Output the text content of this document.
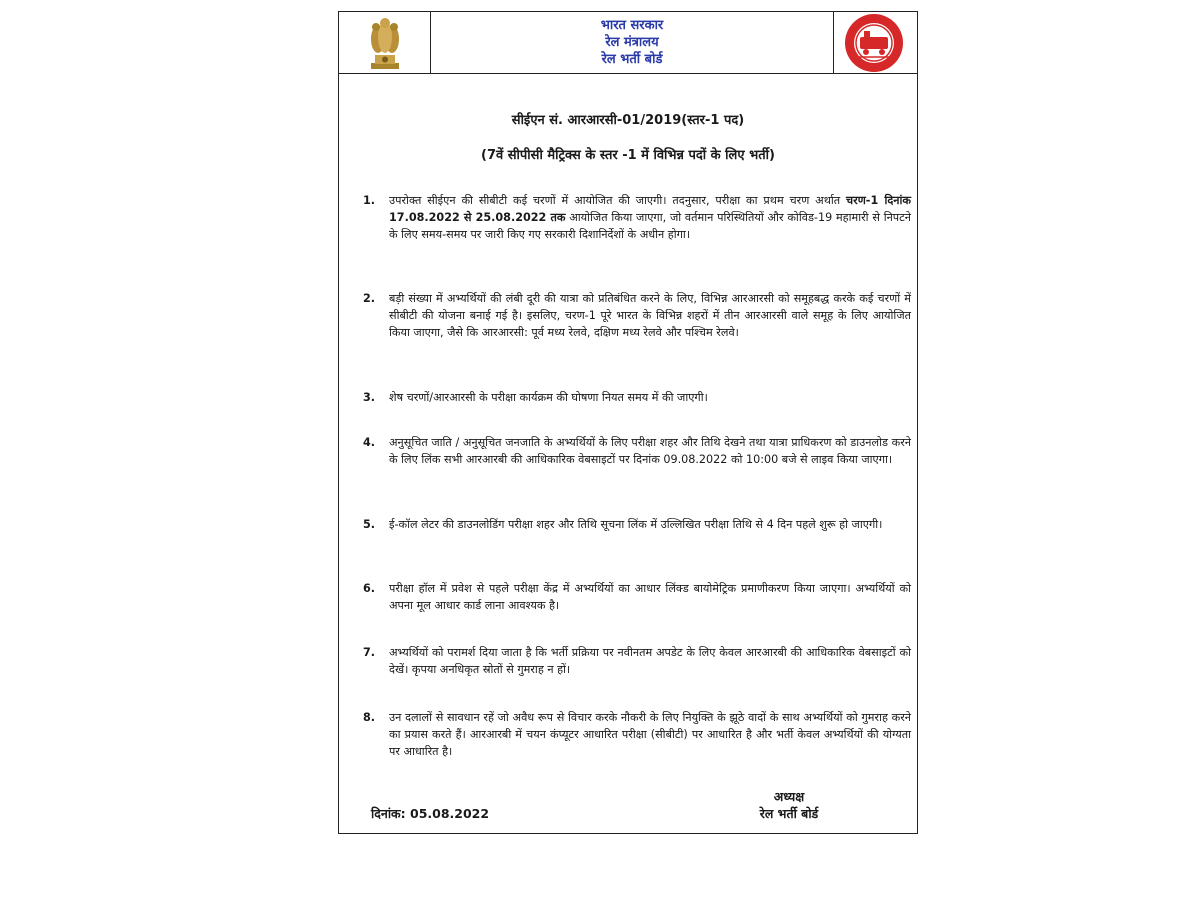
भारत सरकार
रेल मंत्रालय
रेल भर्ती बोर्ड
सीईएन सं. आरआरसी-01/2019(स्तर-1 पद)
(7वें सीपीसी मैट्रिक्स के स्तर -1 में विभिन्न पदों के लिए भर्ती)
1. उपरोक्त सीईएन की सीबीटी कई चरणों में आयोजित की जाएगी। तदनुसार, परीक्षा का प्रथम चरण अर्थात चरण-1 दिनांक 17.08.2022 से 25.08.2022 तक आयोजित किया जाएगा, जो वर्तमान परिस्थितियों और कोविड-19 महामारी से निपटने के लिए समय-समय पर जारी किए गए सरकारी दिशानिर्देशों के अधीन होगा।
2. बड़ी संख्या में अभ्यर्थियों की लंबी दूरी की यात्रा को प्रतिबंधित करने के लिए, विभिन्न आरआरसी को समूहबद्ध करके कई चरणों में सीबीटी की योजना बनाई गई है। इसलिए, चरण-1 पूरे भारत के विभिन्न शहरों में तीन आरआरसी वाले समूह के लिए आयोजित किया जाएगा, जैसे कि आरआरसी: पूर्व मध्य रेलवे, दक्षिण मध्य रेलवे और पश्चिम रेलवे।
3. शेष चरणों/आरआरसी के परीक्षा कार्यक्रम की घोषणा नियत समय में की जाएगी।
4. अनुसूचित जाति / अनुसूचित जनजाति के अभ्यर्थियों के लिए परीक्षा शहर और तिथि देखने तथा यात्रा प्राधिकरण को डाउनलोड करने के लिए लिंक सभी आरआरबी की आधिकारिक वेबसाइटों पर दिनांक 09.08.2022 को 10:00 बजे से लाइव किया जाएगा।
5. ई-कॉल लेटर की डाउनलोडिंग परीक्षा शहर और तिथि सूचना लिंक में उल्लिखित परीक्षा तिथि से 4 दिन पहले शुरू हो जाएगी।
6. परीक्षा हॉल में प्रवेश से पहले परीक्षा केंद्र में अभ्यर्थियों का आधार लिंक्ड बायोमेट्रिक प्रमाणीकरण किया जाएगा। अभ्यर्थियों को अपना मूल आधार कार्ड लाना आवश्यक है।
7. अभ्यर्थियों को परामर्श दिया जाता है कि भर्ती प्रक्रिया पर नवीनतम अपडेट के लिए केवल आरआरबी की आधिकारिक वेबसाइटों को देखें। कृपया अनधिकृत स्रोतों से गुमराह न हों।
8. उन दलालों से सावधान रहें जो अवैध रूप से विचार करके नौकरी के लिए नियुक्ति के झूठे वादों के साथ अभ्यर्थियों को गुमराह करने का प्रयास करते हैं। आरआरबी में चयन कंप्यूटर आधारित परीक्षा (सीबीटी) पर आधारित है और भर्ती केवल अभ्यर्थियों की योग्यता पर आधारित है।
अध्यक्ष
रेल भर्ती बोर्ड
दिनांक: 05.08.2022
